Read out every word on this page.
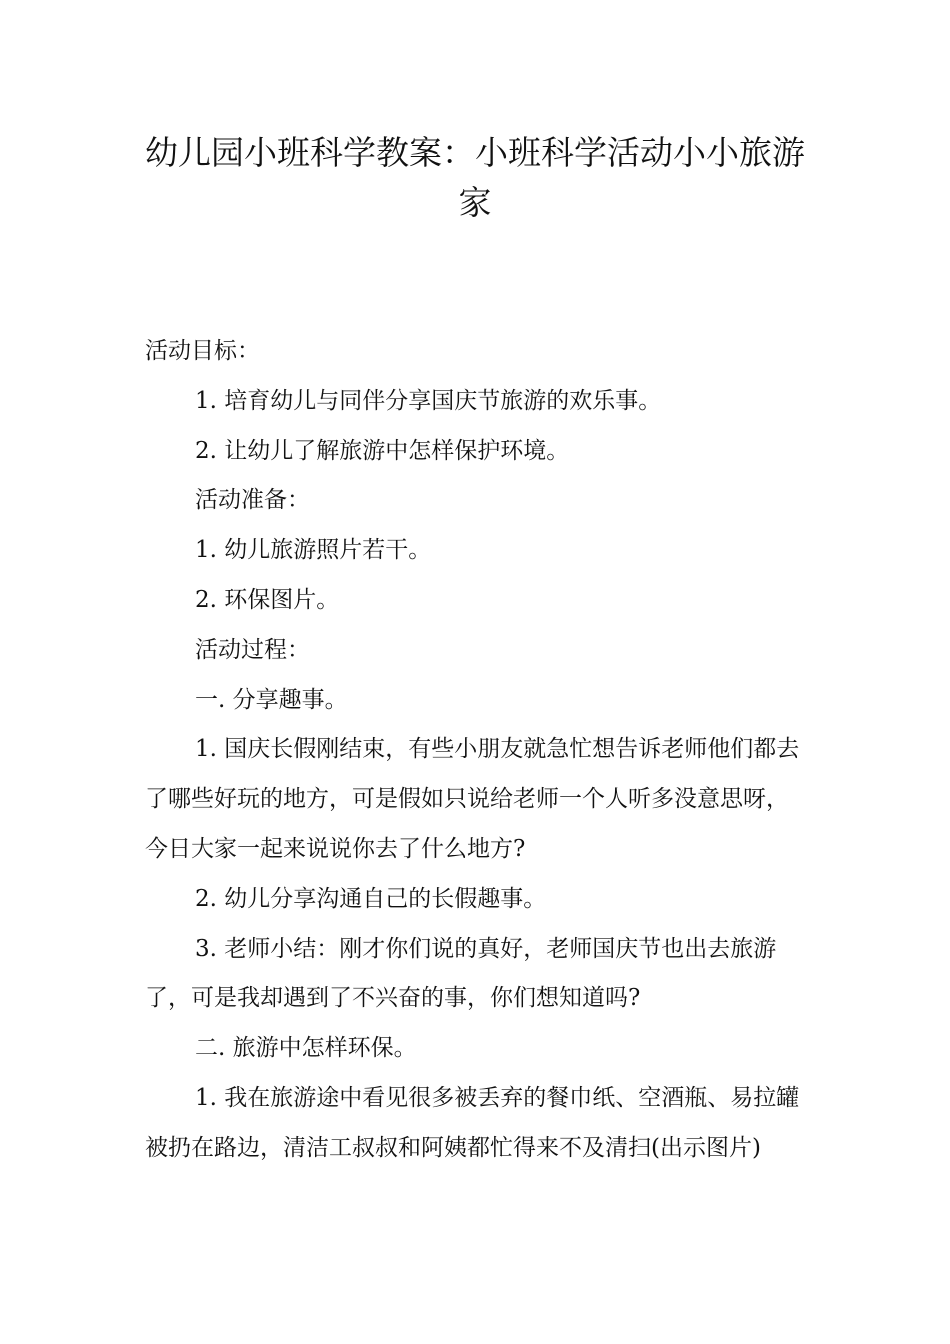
幼儿园小班科学教案：小班科学活动小小旅游家

活动目标：

1. 培育幼儿与同伴分享国庆节旅游的欢乐事。

2. 让幼儿了解旅游中怎样保护环境。

活动准备：

1. 幼儿旅游照片若干。

2. 环保图片。

活动过程：

一. 分享趣事。

1. 国庆长假刚结束，有些小朋友就急忙想告诉老师他们都去了哪些好玩的地方，可是假如只说给老师一个人听多没意思呀，今日大家一起来说说你去了什么地方?

2. 幼儿分享沟通自己的长假趣事。

3. 老师小结：刚才你们说的真好，老师国庆节也出去旅游了，可是我却遇到了不兴奋的事，你们想知道吗?

二. 旅游中怎样环保。

1. 我在旅游途中看见很多被丢弃的餐巾纸、空酒瓶、易拉罐被扔在路边，清洁工叔叔和阿姨都忙得来不及清扫(出示图片)
